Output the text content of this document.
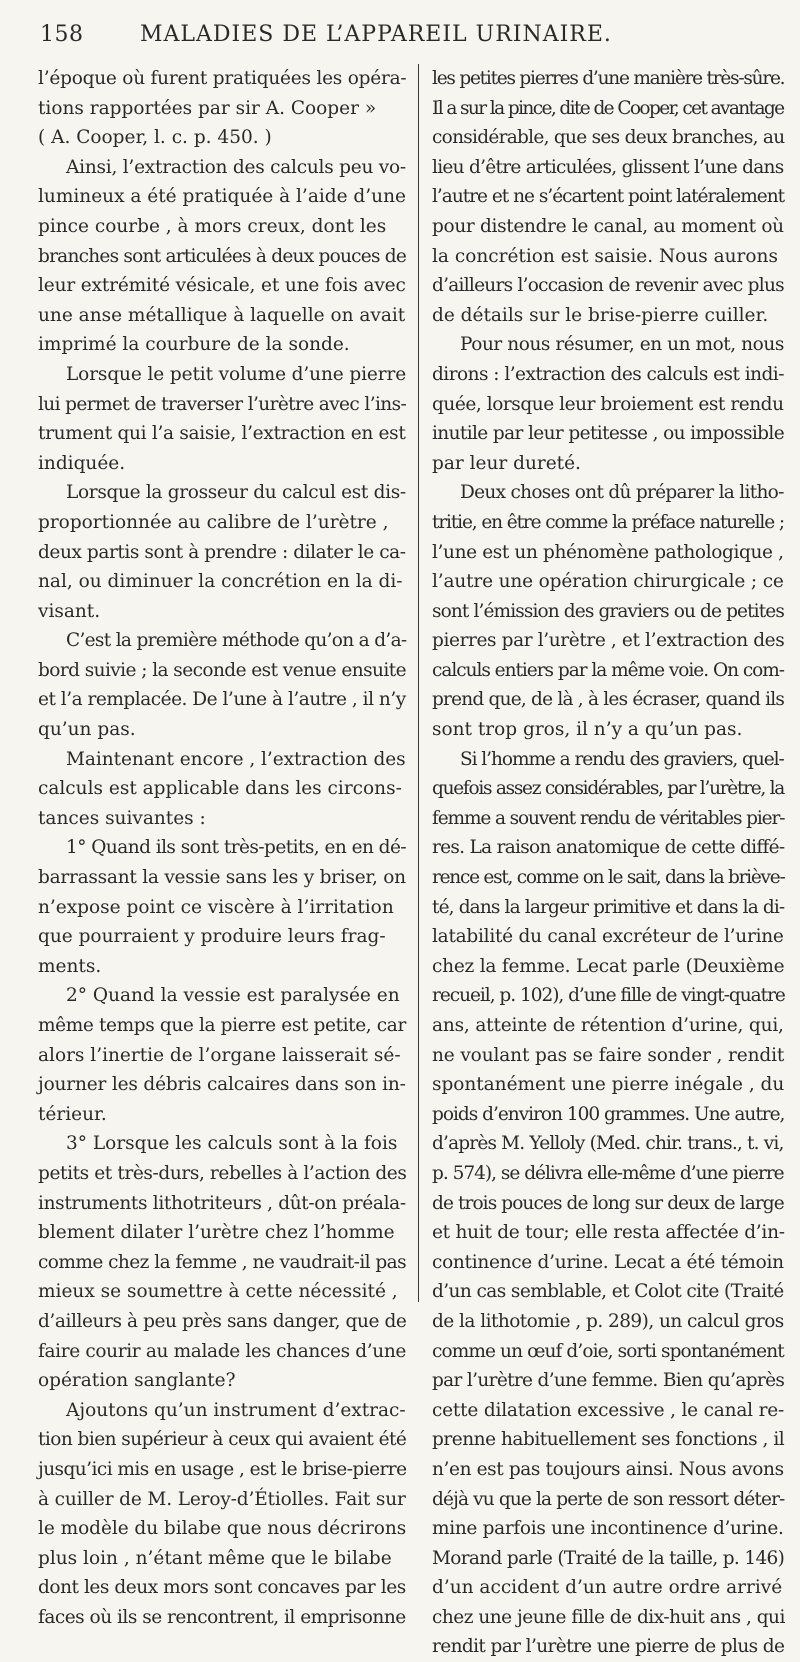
158	MALADIES DE L’APPAREIL URINAIRE.
l’époque où furent pratiquées les opéra-
tions rapportées par sir A. Cooper »
( A. Cooper, l. c. p. 450. )
Ainsi, l’extraction des calculs peu vo-
lumineux a été pratiquée à l’aide d’une
pince courbe , à mors creux, dont les
branches sont articulées à deux pouces de
leur extrémité vésicale, et une fois avec
une anse métallique à laquelle on avait
imprimé la courbure de la sonde.
Lorsque le petit volume d’une pierre
lui permet de traverser l’urètre avec l’ins-
trument qui l’a saisie, l’extraction en est
indiquée.
Lorsque la grosseur du calcul est dis-
proportionnée au calibre de l’urètre ,
deux partis sont à prendre : dilater le ca-
nal, ou diminuer la concrétion en la di-
visant.
C’est la première méthode qu’on a d’a-
bord suivie ; la seconde est venue ensuite
et l’a remplacée. De l’une à l’autre , il n’y
qu’un pas.
Maintenant encore , l’extraction des
calculs est applicable dans les circons-
tances suivantes :
1° Quand ils sont très-petits, en en dé-
barrassant la vessie sans les y briser, on
n’expose point ce viscère à l’irritation
que pourraient y produire leurs frag-
ments.
2° Quand la vessie est paralysée en
même temps que la pierre est petite, car
alors l’inertie de l’organe laisserait sé-
journer les débris calcaires dans son in-
térieur.
3° Lorsque les calculs sont à la fois
petits et très-durs, rebelles à l’action des
instruments lithotriteurs , dût-on préala-
blement dilater l’urètre chez l’homme
comme chez la femme , ne vaudrait-il pas
mieux se soumettre à cette nécessité ,
d’ailleurs à peu près sans danger, que de
faire courir au malade les chances d’une
opération sanglante?
Ajoutons qu’un instrument d’extrac-
tion bien supérieur à ceux qui avaient été
jusqu’ici mis en usage , est le brise-pierre
à cuiller de M. Leroy-d’Étiolles. Fait sur
le modèle du bilabe que nous décrirons
plus loin , n’étant même que le bilabe
dont les deux mors sont concaves par les
faces où ils se rencontrent, il emprisonne
les petites pierres d’une manière très-sûre.
Il a sur la pince, dite de Cooper, cet avantage
considérable, que ses deux branches, au
lieu d’être articulées, glissent l’une dans
l’autre et ne s’écartent point latéralement
pour distendre le canal, au moment où
la concrétion est saisie. Nous aurons
d’ailleurs l’occasion de revenir avec plus
de détails sur le brise-pierre cuiller.
Pour nous résumer, en un mot, nous
dirons : l’extraction des calculs est indi-
quée, lorsque leur broiement est rendu
inutile par leur petitesse , ou impossible
par leur dureté.
Deux choses ont dû préparer la litho-
tritie, en être comme la préface naturelle ;
l’une est un phénomène pathologique ,
l’autre une opération chirurgicale ; ce
sont l’émission des graviers ou de petites
pierres par l’urètre , et l’extraction des
calculs entiers par la même voie. On com-
prend que, de là , à les écraser, quand ils
sont trop gros, il n’y a qu’un pas.
Si l’homme a rendu des graviers, quel-
quefois assez considérables, par l’urètre, la
femme a souvent rendu de véritables pier-
res. La raison anatomique de cette diffé-
rence est, comme on le sait, dans la briève-
té, dans la largeur primitive et dans la di-
latabilité du canal excréteur de l’urine
chez la femme. Lecat parle (Deuxième
recueil, p. 102), d’une fille de vingt-quatre
ans, atteinte de rétention d’urine, qui,
ne voulant pas se faire sonder , rendit
spontanément une pierre inégale , du
poids d’environ 100 grammes. Une autre,
d’après M. Yelloly (Med. chir. trans., t. vi,
p. 574), se délivra elle-même d’une pierre
de trois pouces de long sur deux de large
et huit de tour; elle resta affectée d’in-
continence d’urine. Lecat a été témoin
d’un cas semblable, et Colot cite (Traité
de la lithotomie , p. 289), un calcul gros
comme un œuf d’oie, sorti spontanément
par l’urètre d’une femme. Bien qu’après
cette dilatation excessive , le canal re-
prenne habituellement ses fonctions , il
n’en est pas toujours ainsi. Nous avons
déjà vu que la perte de son ressort déter-
mine parfois une incontinence d’urine.
Morand parle (Traité de la taille, p. 146)
d’un accident d’un autre ordre arrivé
chez une jeune fille de dix-huit ans , qui
rendit par l’urètre une pierre de plus de
